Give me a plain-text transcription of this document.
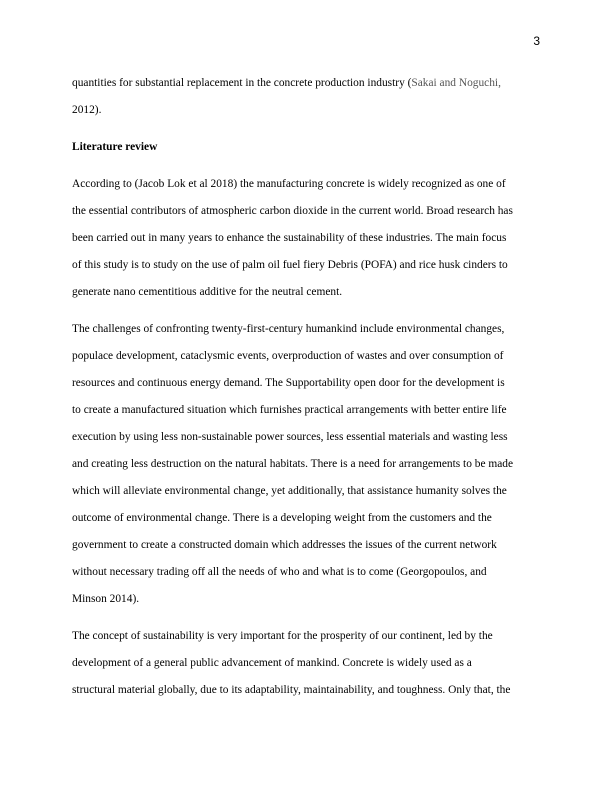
3

quantities for substantial replacement in the concrete production industry (Sakai and Noguchi,
2012).

Literature review

According to (Jacob Lok et al 2018) the manufacturing concrete is widely recognized as one of
the essential contributors of atmospheric carbon dioxide in the current world. Broad research has
been carried out in many years to enhance the sustainability of these industries. The main focus
of this study is to study on the use of palm oil fuel fiery Debris (POFA) and rice husk cinders to
generate nano cementitious additive for the neutral cement.

The challenges of confronting twenty-first-century humankind include environmental changes,
populace development, cataclysmic events, overproduction of wastes and over consumption of
resources and continuous energy demand. The Supportability open door for the development is
to create a manufactured situation which furnishes practical arrangements with better entire life
execution by using less non-sustainable power sources, less essential materials and wasting less
and creating less destruction on the natural habitats. There is a need for arrangements to be made
which will alleviate environmental change, yet additionally, that assistance humanity solves the
outcome of environmental change. There is a developing weight from the customers and the
government to create a constructed domain which addresses the issues of the current network
without necessary trading off all the needs of who and what is to come (Georgopoulos, and
Minson 2014).

The concept of sustainability is very important for the prosperity of our continent, led by the
development of a general public advancement of mankind. Concrete is widely used as a
structural material globally, due to its adaptability, maintainability, and toughness. Only that, the
